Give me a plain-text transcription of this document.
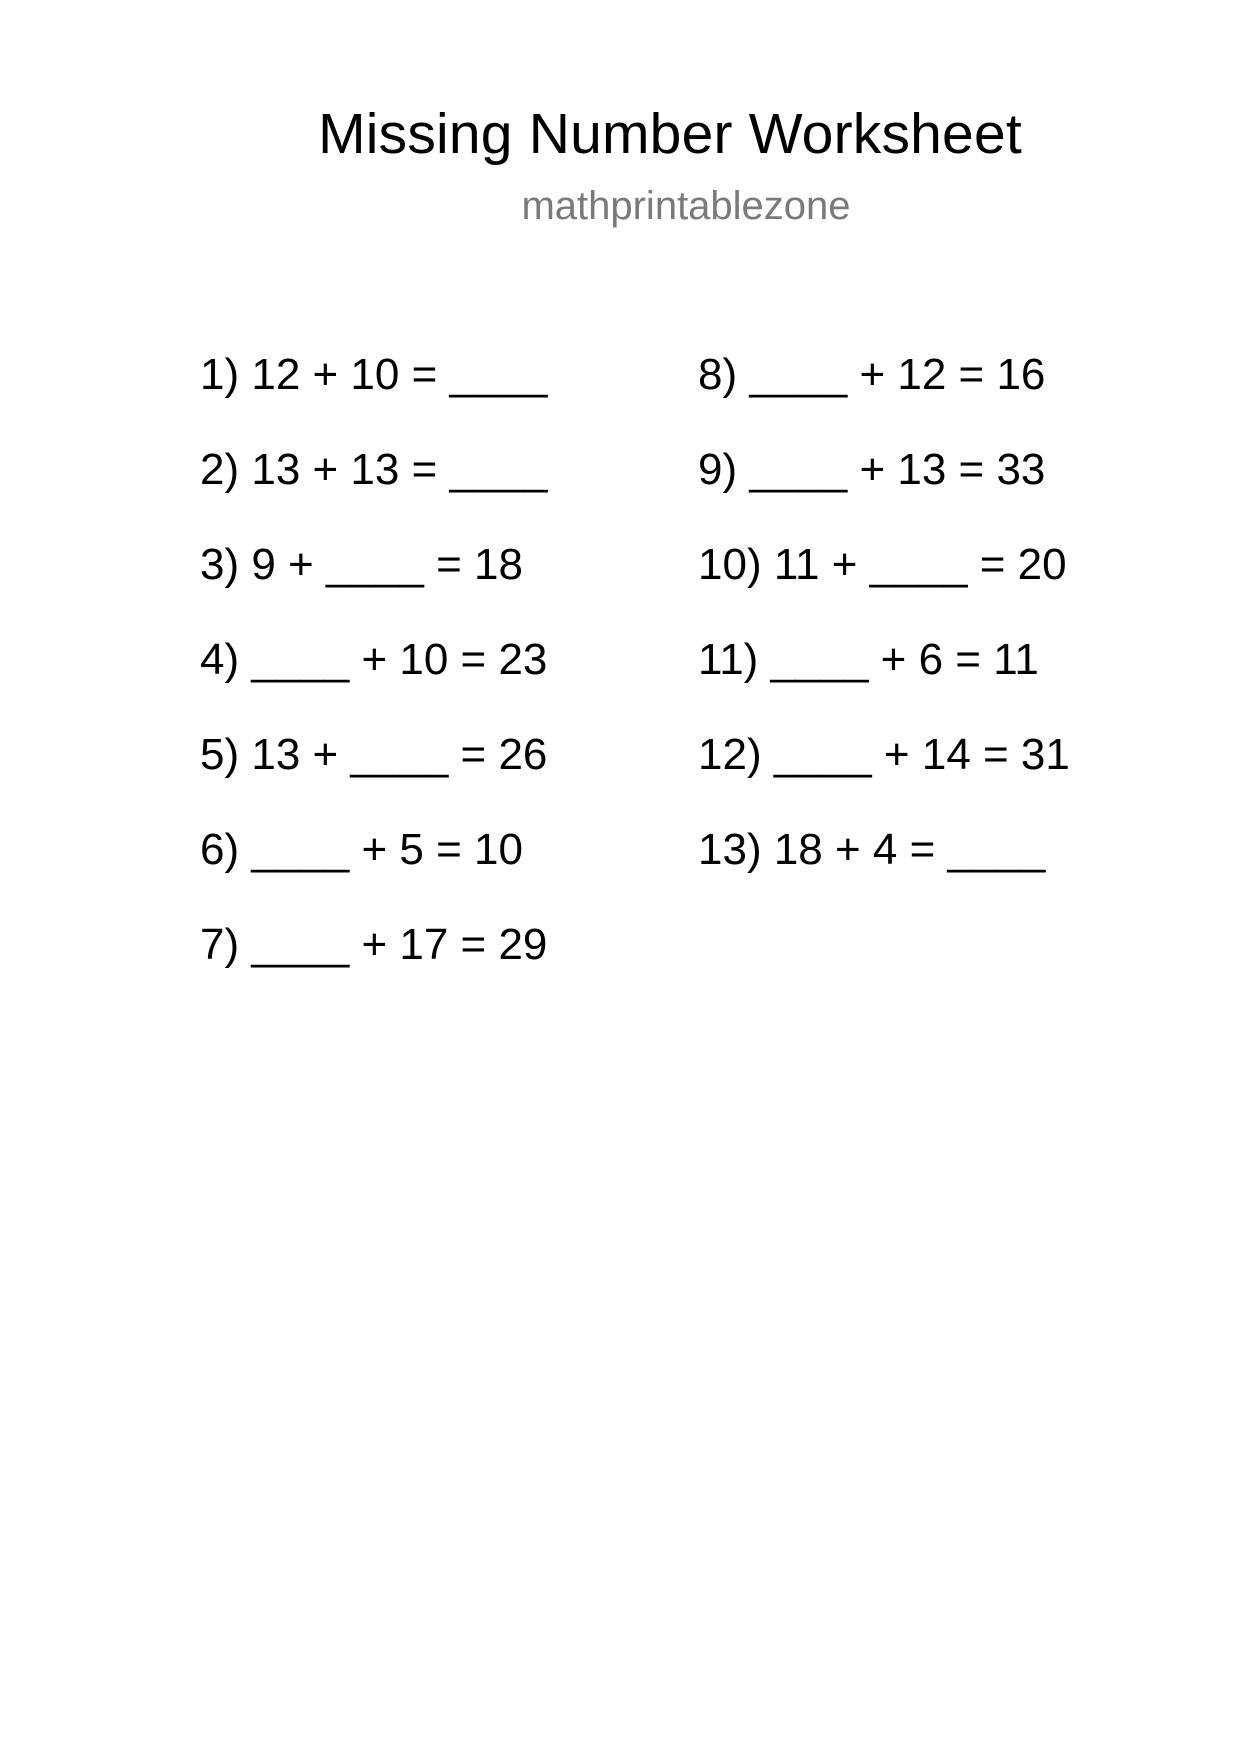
Missing Number Worksheet
mathprintablezone
1) 12 + 10 = ____
2) 13 + 13 = ____
3) 9 + ____ = 18
4) ____ + 10 = 23
5) 13 + ____ = 26
6) ____ + 5 = 10
7) ____ + 17 = 29
8) ____ + 12 = 16
9) ____ + 13 = 33
10) 11 + ____ = 20
11) ____ + 6 = 11
12) ____ + 14 = 31
13) 18 + 4 = ____
